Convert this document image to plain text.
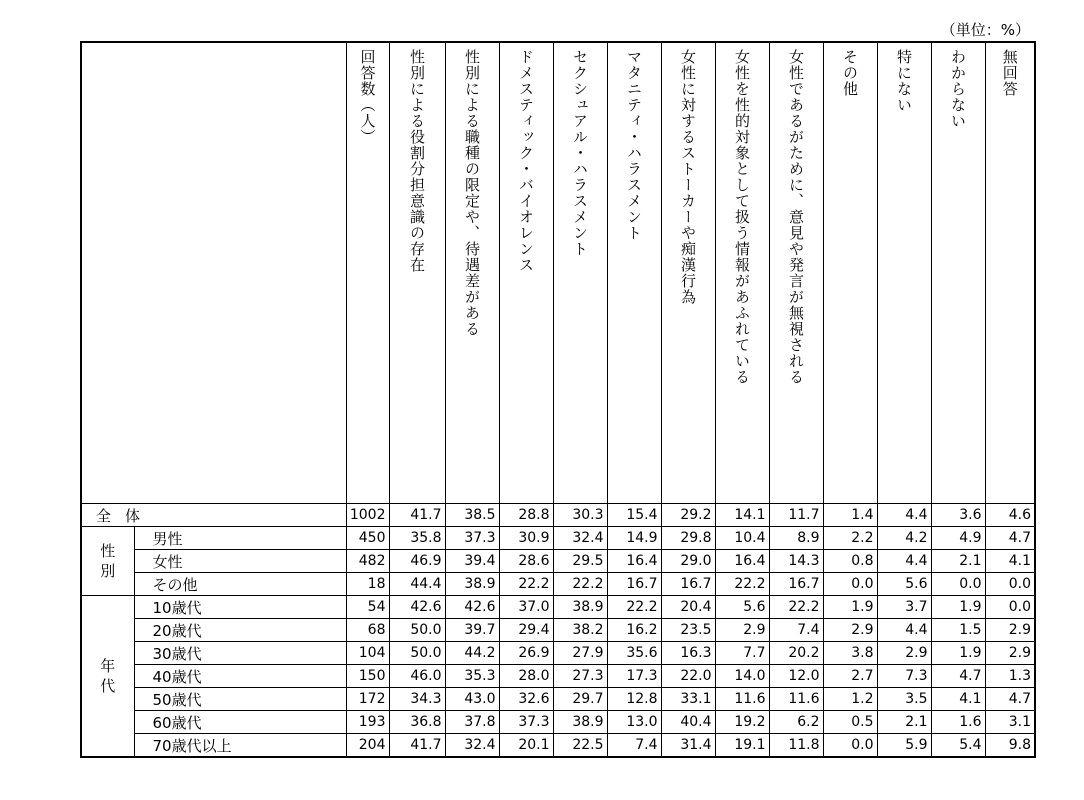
（単位：%）

		回答数（人）	性別による役割分担意識の存在	性別による職種の限定や、待遇差がある	ドメスティック・バイオレンス	セクシュアル・ハラスメント	マタニティ・ハラスメント	女性に対するストーカーや痴漢行為	女性を性的対象として扱う情報があふれている	女性であるがために、意見や発言が無視される	その他	特にない	わからない	無回答

全体		1002	41.7	38.5	28.8	30.3	15.4	29.2	14.1	11.7	1.4	4.4	3.6	4.6

性別	男性	450	35.8	37.3	30.9	32.4	14.9	29.8	10.4	8.9	2.2	4.2	4.9	4.7
	女性	482	46.9	39.4	28.6	29.5	16.4	29.0	16.4	14.3	0.8	4.4	2.1	4.1
	その他	18	44.4	38.9	22.2	22.2	16.7	16.7	22.2	16.7	0.0	5.6	0.0	0.0

年代	10歳代	54	42.6	42.6	37.0	38.9	22.2	20.4	5.6	22.2	1.9	3.7	1.9	0.0
	20歳代	68	50.0	39.7	29.4	38.2	16.2	23.5	2.9	7.4	2.9	4.4	1.5	2.9
	30歳代	104	50.0	44.2	26.9	27.9	35.6	16.3	7.7	20.2	3.8	2.9	1.9	2.9
	40歳代	150	46.0	35.3	28.0	27.3	17.3	22.0	14.0	12.0	2.7	7.3	4.7	1.3
	50歳代	172	34.3	43.0	32.6	29.7	12.8	33.1	11.6	11.6	1.2	3.5	4.1	4.7
	60歳代	193	36.8	37.8	37.3	38.9	13.0	40.4	19.2	6.2	0.5	2.1	1.6	3.1
	70歳代以上	204	41.7	32.4	20.1	22.5	7.4	31.4	19.1	11.8	0.0	5.9	5.4	9.8
